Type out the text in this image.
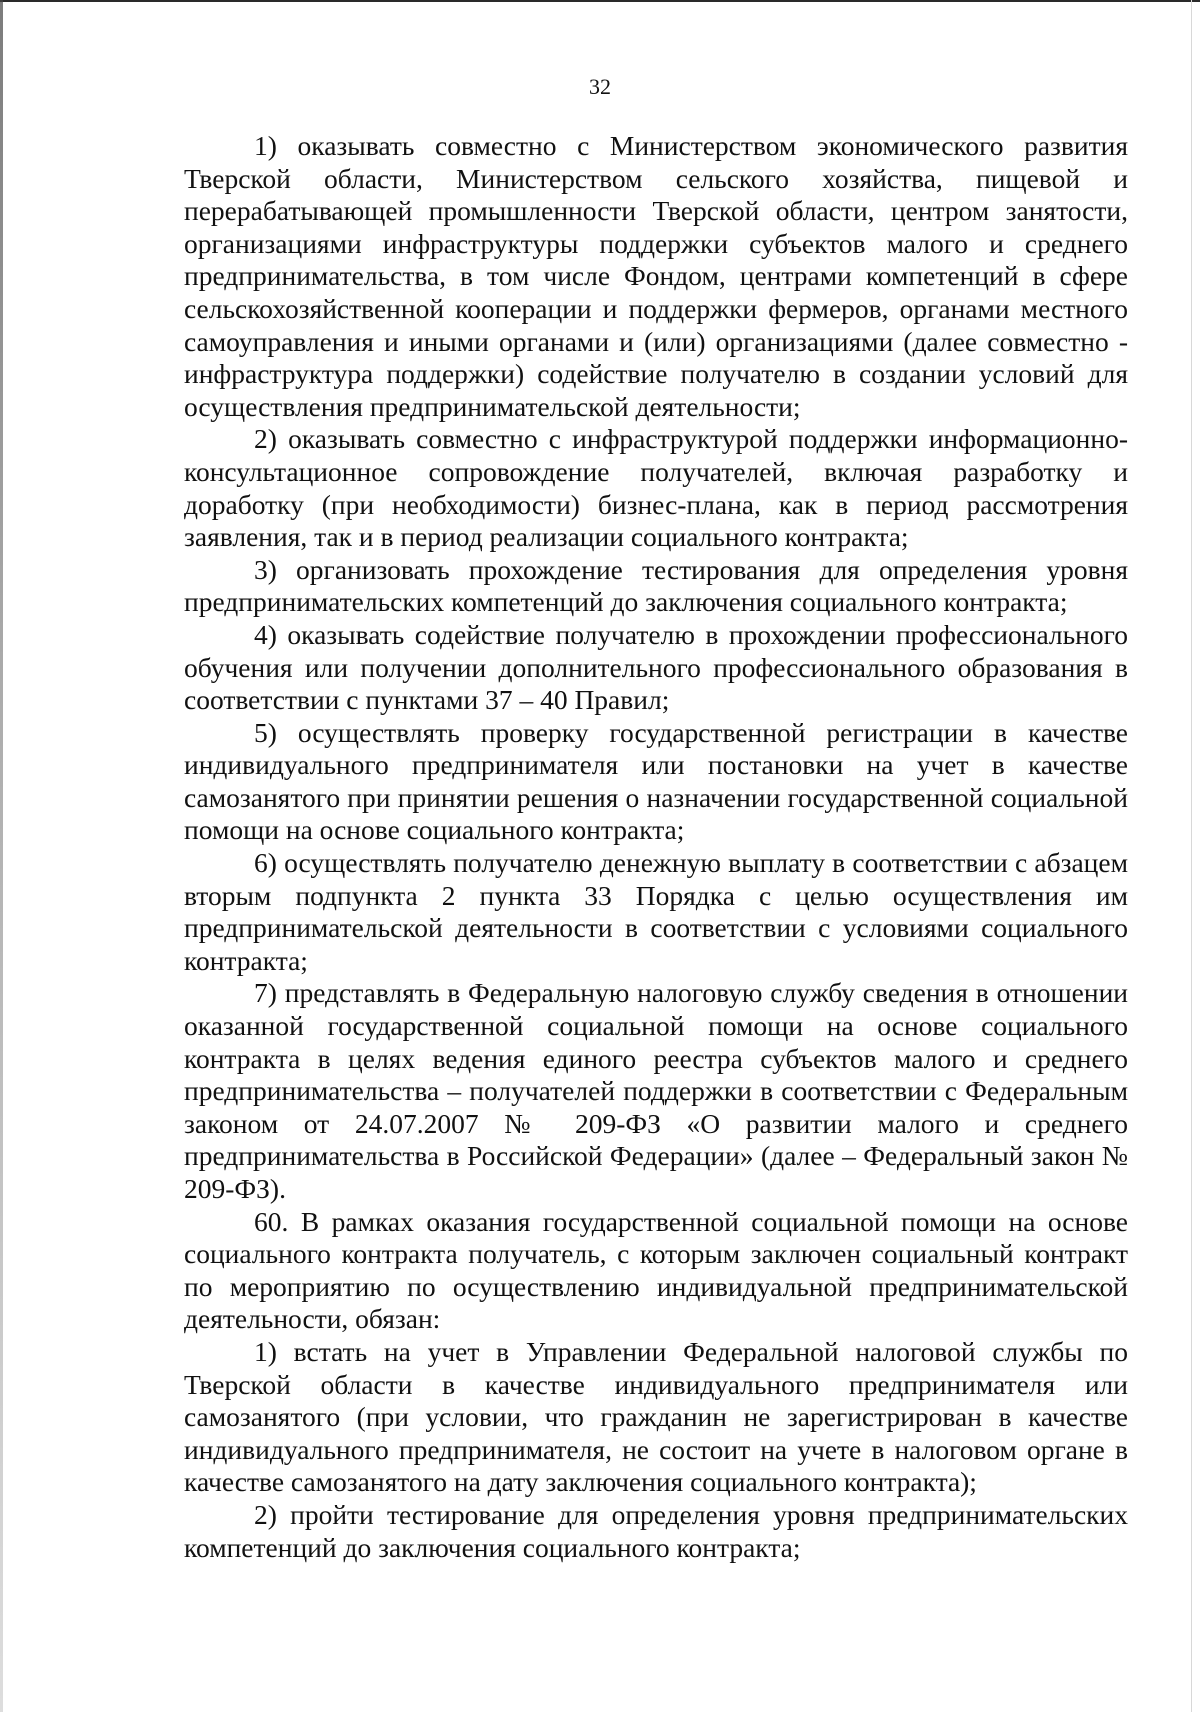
32

1) оказывать совместно с Министерством экономического развития Тверской области, Министерством сельского хозяйства, пищевой и перерабатывающей промышленности Тверской области, центром занятости, организациями инфраструктуры поддержки субъектов малого и среднего предпринимательства, в том числе Фондом, центрами компетенций в сфере сельскохозяйственной кооперации и поддержки фермеров, органами местного самоуправления и иными органами и (или) организациями (далее совместно - инфраструктура поддержки) содействие получателю в создании условий для осуществления предпринимательской деятельности;

2) оказывать совместно с инфраструктурой поддержки информационно-консультационное сопровождение получателей, включая разработку и доработку (при необходимости) бизнес-плана, как в период рассмотрения заявления, так и в период реализации социального контракта;

3) организовать прохождение тестирования для определения уровня предпринимательских компетенций до заключения социального контракта;

4) оказывать содействие получателю в прохождении профессионального обучения или получении дополнительного профессионального образования в соответствии с пунктами 37 – 40 Правил;

5) осуществлять проверку государственной регистрации в качестве индивидуального предпринимателя или постановки на учет в качестве самозанятого при принятии решения о назначении государственной социальной помощи на основе социального контракта;

6) осуществлять получателю денежную выплату в соответствии с абзацем вторым подпункта 2 пункта 33 Порядка с целью осуществления им предпринимательской деятельности в соответствии с условиями социального контракта;

7) представлять в Федеральную налоговую службу сведения в отношении оказанной государственной социальной помощи на основе социального контракта в целях ведения единого реестра субъектов малого и среднего предпринимательства – получателей поддержки в соответствии с Федеральным законом от 24.07.2007 № 209-ФЗ «О развитии малого и среднего предпринимательства в Российской Федерации» (далее – Федеральный закон № 209-ФЗ).

60. В рамках оказания государственной социальной помощи на основе социального контракта получатель, с которым заключен социальный контракт по мероприятию по осуществлению индивидуальной предпринимательской деятельности, обязан:

1) встать на учет в Управлении Федеральной налоговой службы по Тверской области в качестве индивидуального предпринимателя или самозанятого (при условии, что гражданин не зарегистрирован в качестве индивидуального предпринимателя, не состоит на учете в налоговом органе в качестве самозанятого на дату заключения социального контракта);

2) пройти тестирование для определения уровня предпринимательских компетенций до заключения социального контракта;
